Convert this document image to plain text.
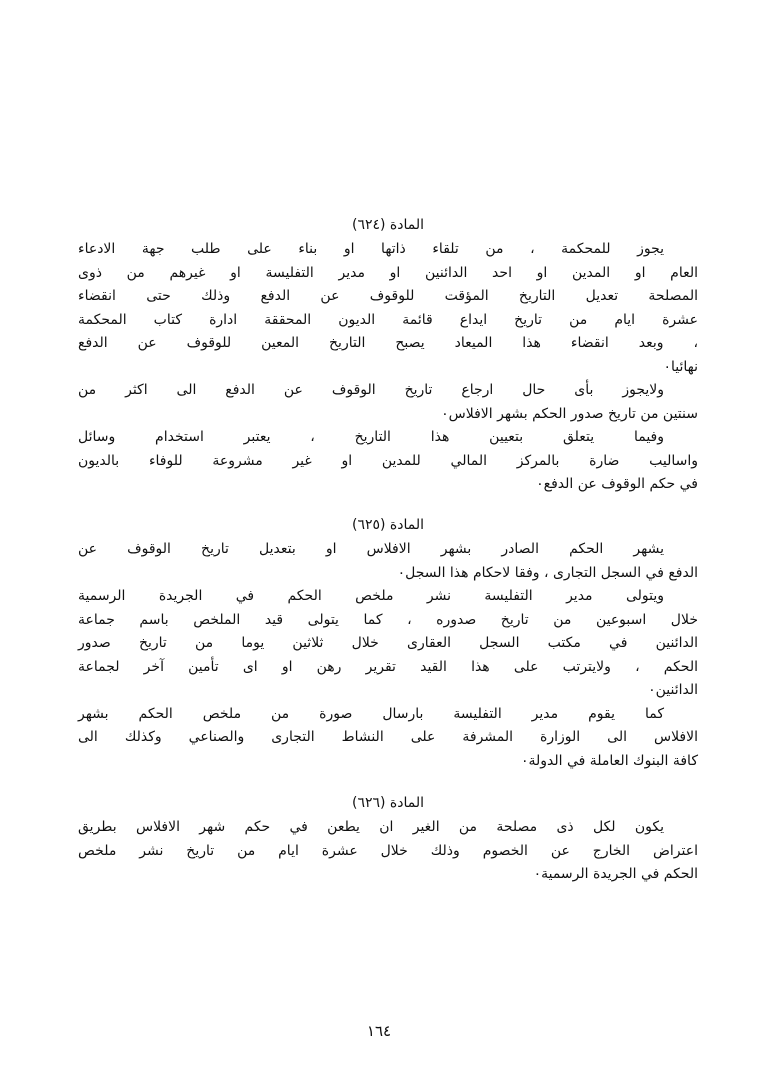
المادة (٦٢٤)

يجوز للمحكمة ، من تلقاء ذاتها او بناء على طلب جهة الادعاء

العام او المدين او احد الدائنين او مدير التفليسة او غيرهم من ذوى

المصلحة تعديل التاريخ المؤقت للوقوف عن الدفع وذلك حتى انقضاء

عشرة ايام من تاريخ ايداع قائمة الديون المحققة ادارة كتاب المحكمة

، وبعد انقضاء هذا الميعاد يصبح التاريخ المعين للوقوف عن الدفع

نهائيا٠

ولايجوز بأى حال ارجاع تاريخ الوقوف عن الدفع الى اكثر من

سنتين من تاريخ صدور الحكم بشهر الافلاس٠

وفيما يتعلق بتعيين هذا التاريخ ، يعتبر استخدام وسائل

واساليب ضارة بالمركز المالي للمدين او غير مشروعة للوفاء بالديون

في حكم الوقوف عن الدفع٠

المادة (٦٢٥)

يشهر الحكم الصادر بشهر الافلاس او بتعديل تاريخ الوقوف عن

الدفع في السجل التجارى ، وفقا لاحكام هذا السجل٠

ويتولى مدير التفليسة نشر ملخص الحكم في الجريدة الرسمية

خلال اسبوعين من تاريخ صدوره ، كما يتولى قيد الملخص باسم جماعة

الدائنين في مكتب السجل العقارى خلال ثلاثين يوما من تاريخ صدور

الحكم ، ولايترتب على هذا القيد تقرير رهن او اى تأمين آخر لجماعة

الدائنين٠

كما يقوم مدير التفليسة بارسال صورة من ملخص الحكم بشهر

الافلاس الى الوزارة المشرفة على النشاط التجارى والصناعي وكذلك الى

كافة البنوك العاملة في الدولة٠

المادة (٦٢٦)

يكون لكل ذى مصلحة من الغير ان يطعن في حكم شهر الافلاس بطريق

اعتراض الخارج عن الخصوم وذلك خلال عشرة ايام من تاريخ نشر ملخص

الحكم في الجريدة الرسمية٠

١٦٤
